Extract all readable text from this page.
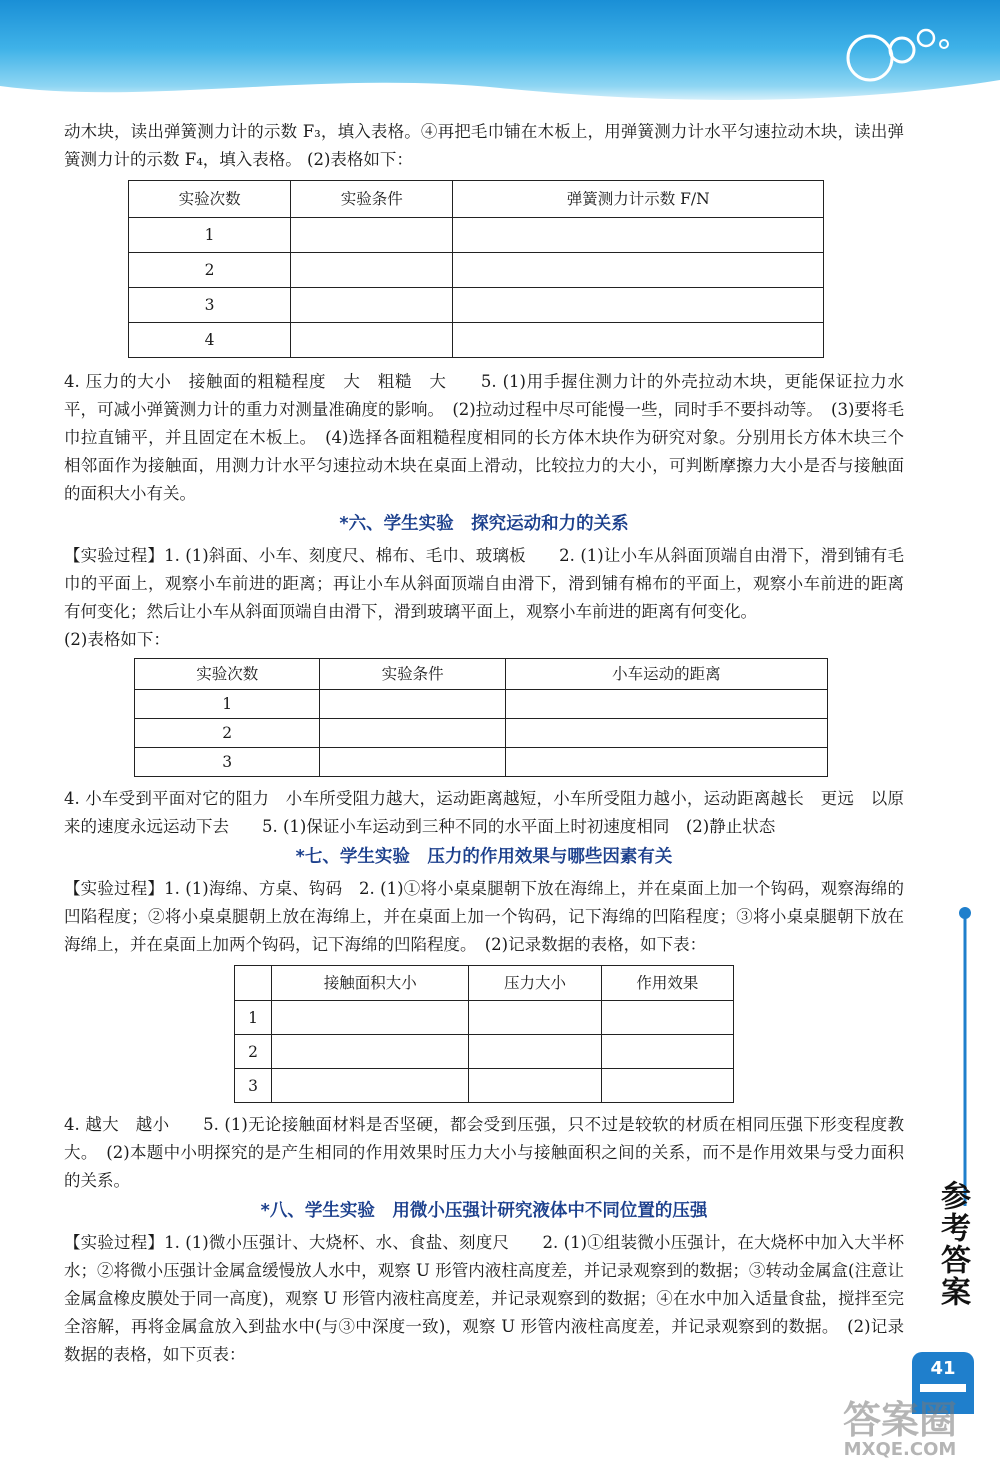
动木块，读出弹簧测力计的示数 F₃，填入表格。④再把毛巾铺在木板上，用弹簧测力计水平匀速拉动木块，读出弹簧测力计的示数 F₄，填入表格。 (2)表格如下：

实验次数	实验条件	弹簧测力计示数 F/N
1		
2		
3		
4		

4. 压力的大小　接触面的粗糙程度　大　粗糙　大　　5. (1)用手握住测力计的外壳拉动木块，更能保证拉力水平，可减小弹簧测力计的重力对测量准确度的影响。　(2)拉动过程中尽可能慢一些，同时手不要抖动等。　(3)要将毛巾拉直铺平，并且固定在木板上。　(4)选择各面粗糙程度相同的长方体木块作为研究对象。分别用长方体木块三个相邻面作为接触面，用测力计水平匀速拉动木块在桌面上滑动，比较拉力的大小，可判断摩擦力大小是否与接触面的面积大小有关。

*六、学生实验　探究运动和力的关系

【实验过程】1. (1)斜面、小车、刻度尺、棉布、毛巾、玻璃板　　2. (1)让小车从斜面顶端自由滑下，滑到铺有毛巾的平面上，观察小车前进的距离；再让小车从斜面顶端自由滑下，滑到铺有棉布的平面上，观察小车前进的距离有何变化；然后让小车从斜面顶端自由滑下，滑到玻璃平面上，观察小车前进的距离有何变化。

(2)表格如下：

实验次数	实验条件	小车运动的距离
1		
2		
3		

4. 小车受到平面对它的阻力　小车所受阻力越大，运动距离越短，小车所受阻力越小，运动距离越长　更远　以原来的速度永远运动下去　　5. (1)保证小车运动到三种不同的水平面上时初速度相同　(2)静止状态

*七、学生实验　压力的作用效果与哪些因素有关

【实验过程】1. (1)海绵、方桌、钩码　2. (1)①将小桌桌腿朝下放在海绵上，并在桌面上加一个钩码，观察海绵的凹陷程度；②将小桌桌腿朝上放在海绵上，并在桌面上加一个钩码，记下海绵的凹陷程度；③将小桌桌腿朝下放在海绵上，并在桌面上加两个钩码，记下海绵的凹陷程度。　(2)记录数据的表格，如下表：

	接触面积大小	压力大小	作用效果
1			
2			
3			

4. 越大　越小　　5. (1)无论接触面材料是否坚硬，都会受到压强，只不过是较软的材质在相同压强下形变程度教大。　(2)本题中小明探究的是产生相同的作用效果时压力大小与接触面积之间的关系，而不是作用效果与受力面积的关系。

*八、学生实验　用微小压强计研究液体中不同位置的压强

【实验过程】1. (1)微小压强计、大烧杯、水、食盐、刻度尺　　2. (1)①组装微小压强计，在大烧杯中加入大半杯水；②将微小压强计金属盒缓慢放人水中，观察 U 形管内液柱高度差，并记录观察到的数据；③转动金属盒(注意让金属盒橡皮膜处于同一高度)，观察 U 形管内液柱高度差，并记录观察到的数据；④在水中加入适量食盐，搅拌至完全溶解，再将金属盒放入到盐水中(与③中深度一致)，观察 U 形管内液柱高度差，并记录观察到的数据。　(2)记录数据的表格，如下页表：

参考答案
41
答案圈
MXQE.COM
